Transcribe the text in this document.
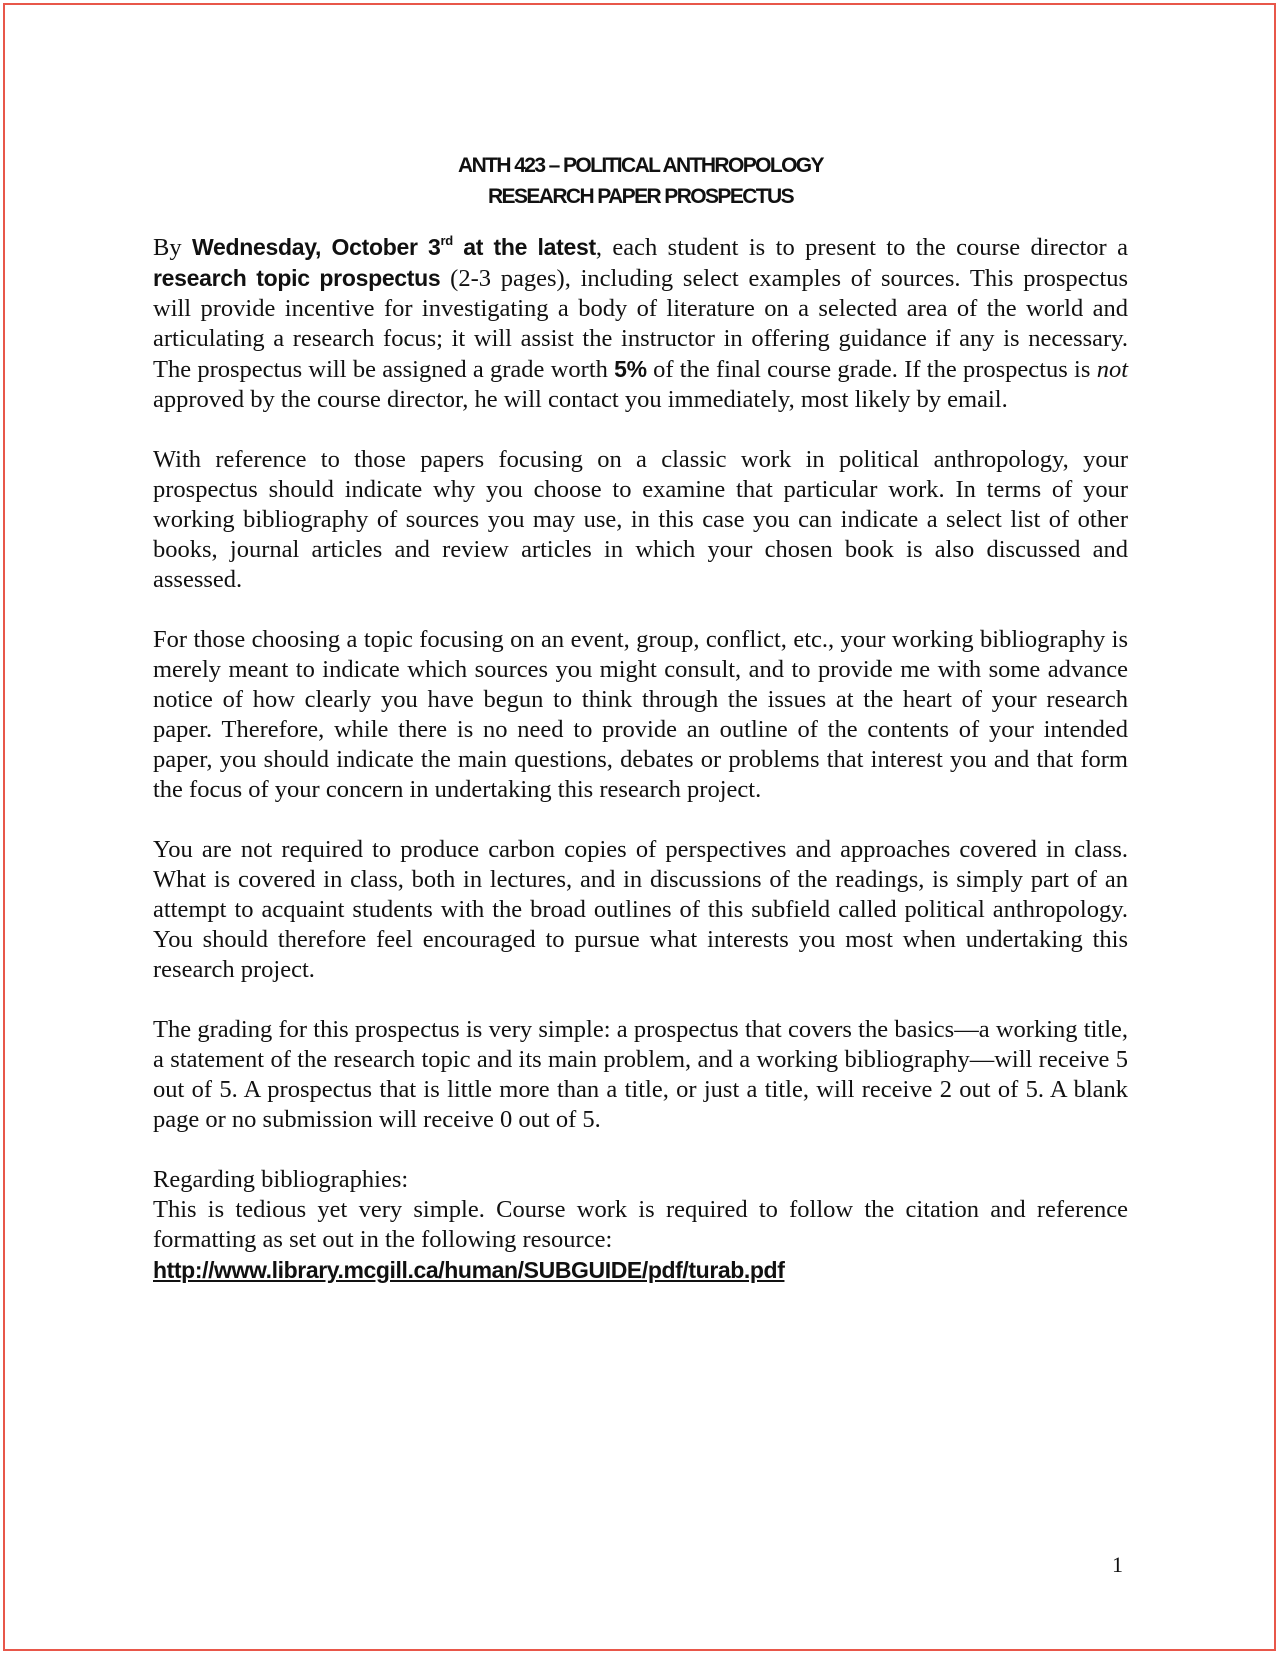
ANTH 423 – POLITICAL ANTHROPOLOGY
RESEARCH PAPER PROSPECTUS

By Wednesday, October 3rd at the latest, each student is to present to the course director a research topic prospectus (2-3 pages), including select examples of sources. This prospectus will provide incentive for investigating a body of literature on a selected area of the world and articulating a research focus; it will assist the instructor in offering guidance if any is necessary. The prospectus will be assigned a grade worth 5% of the final course grade. If the prospectus is not approved by the course director, he will contact you immediately, most likely by email.

With reference to those papers focusing on a classic work in political anthropology, your prospectus should indicate why you choose to examine that particular work. In terms of your working bibliography of sources you may use, in this case you can indicate a select list of other books, journal articles and review articles in which your chosen book is also discussed and assessed.

For those choosing a topic focusing on an event, group, conflict, etc., your working bibliography is merely meant to indicate which sources you might consult, and to provide me with some advance notice of how clearly you have begun to think through the issues at the heart of your research paper. Therefore, while there is no need to provide an outline of the contents of your intended paper, you should indicate the main questions, debates or problems that interest you and that form the focus of your concern in undertaking this research project.

You are not required to produce carbon copies of perspectives and approaches covered in class. What is covered in class, both in lectures, and in discussions of the readings, is simply part of an attempt to acquaint students with the broad outlines of this subfield called political anthropology. You should therefore feel encouraged to pursue what interests you most when undertaking this research project.

The grading for this prospectus is very simple: a prospectus that covers the basics—a working title, a statement of the research topic and its main problem, and a working bibliography—will receive 5 out of 5. A prospectus that is little more than a title, or just a title, will receive 2 out of 5. A blank page or no submission will receive 0 out of 5.

Regarding bibliographies:

This is tedious yet very simple. Course work is required to follow the citation and reference formatting as set out in the following resource:

http://www.library.mcgill.ca/human/SUBGUIDE/pdf/turab.pdf
1
